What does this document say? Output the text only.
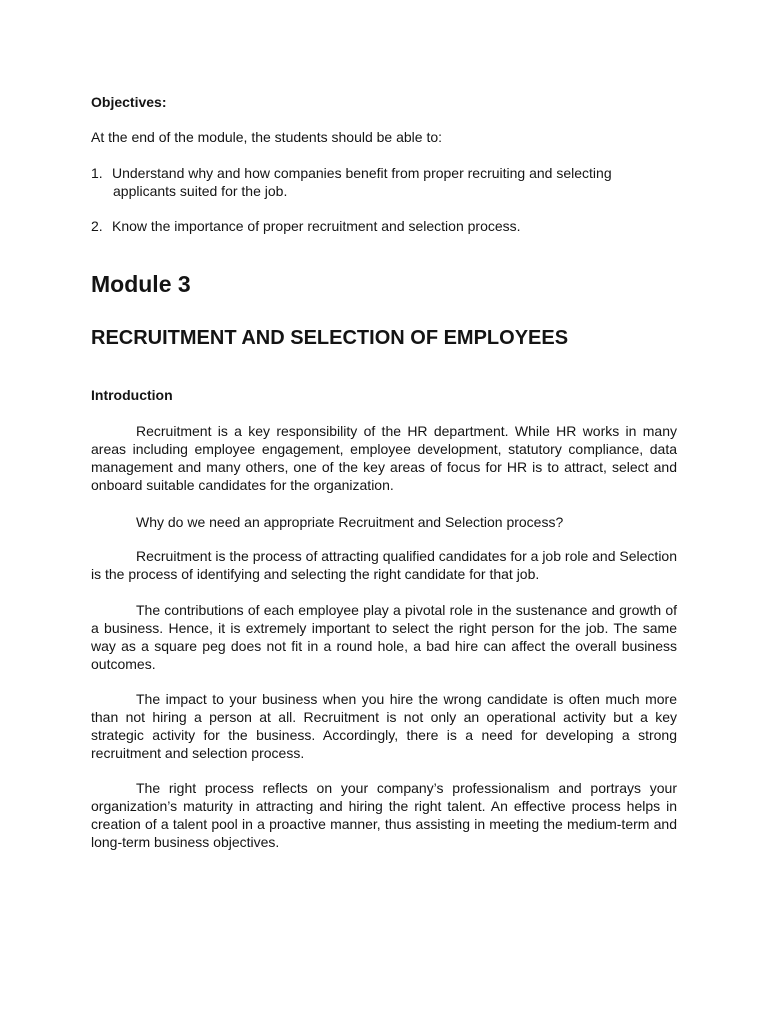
Objectives:

At the end of the module, the students should be able to:

1. Understand why and how companies benefit from proper recruiting and selecting
applicants suited for the job.
2. Know the importance of proper recruitment and selection process.
Module 3
RECRUITMENT AND SELECTION OF EMPLOYEES
Introduction

Recruitment is a key responsibility of the HR department. While HR works in many areas including employee engagement, employee development, statutory compliance, data management and many others, one of the key areas of focus for HR is to attract, select and onboard suitable candidates for the organization.

Why do we need an appropriate Recruitment and Selection process?

Recruitment is the process of attracting qualified candidates for a job role and Selection is the process of identifying and selecting the right candidate for that job.

The contributions of each employee play a pivotal role in the sustenance and growth of a business. Hence, it is extremely important to select the right person for the job. The same way as a square peg does not fit in a round hole, a bad hire can affect the overall business outcomes.

The impact to your business when you hire the wrong candidate is often much more than not hiring a person at all. Recruitment is not only an operational activity but a key strategic activity for the business. Accordingly, there is a need for developing a strong recruitment and selection process.

The right process reflects on your company’s professionalism and portrays your organization’s maturity in attracting and hiring the right talent. An effective process helps in creation of a talent pool in a proactive manner, thus assisting in meeting the medium-term and long-term business objectives.
